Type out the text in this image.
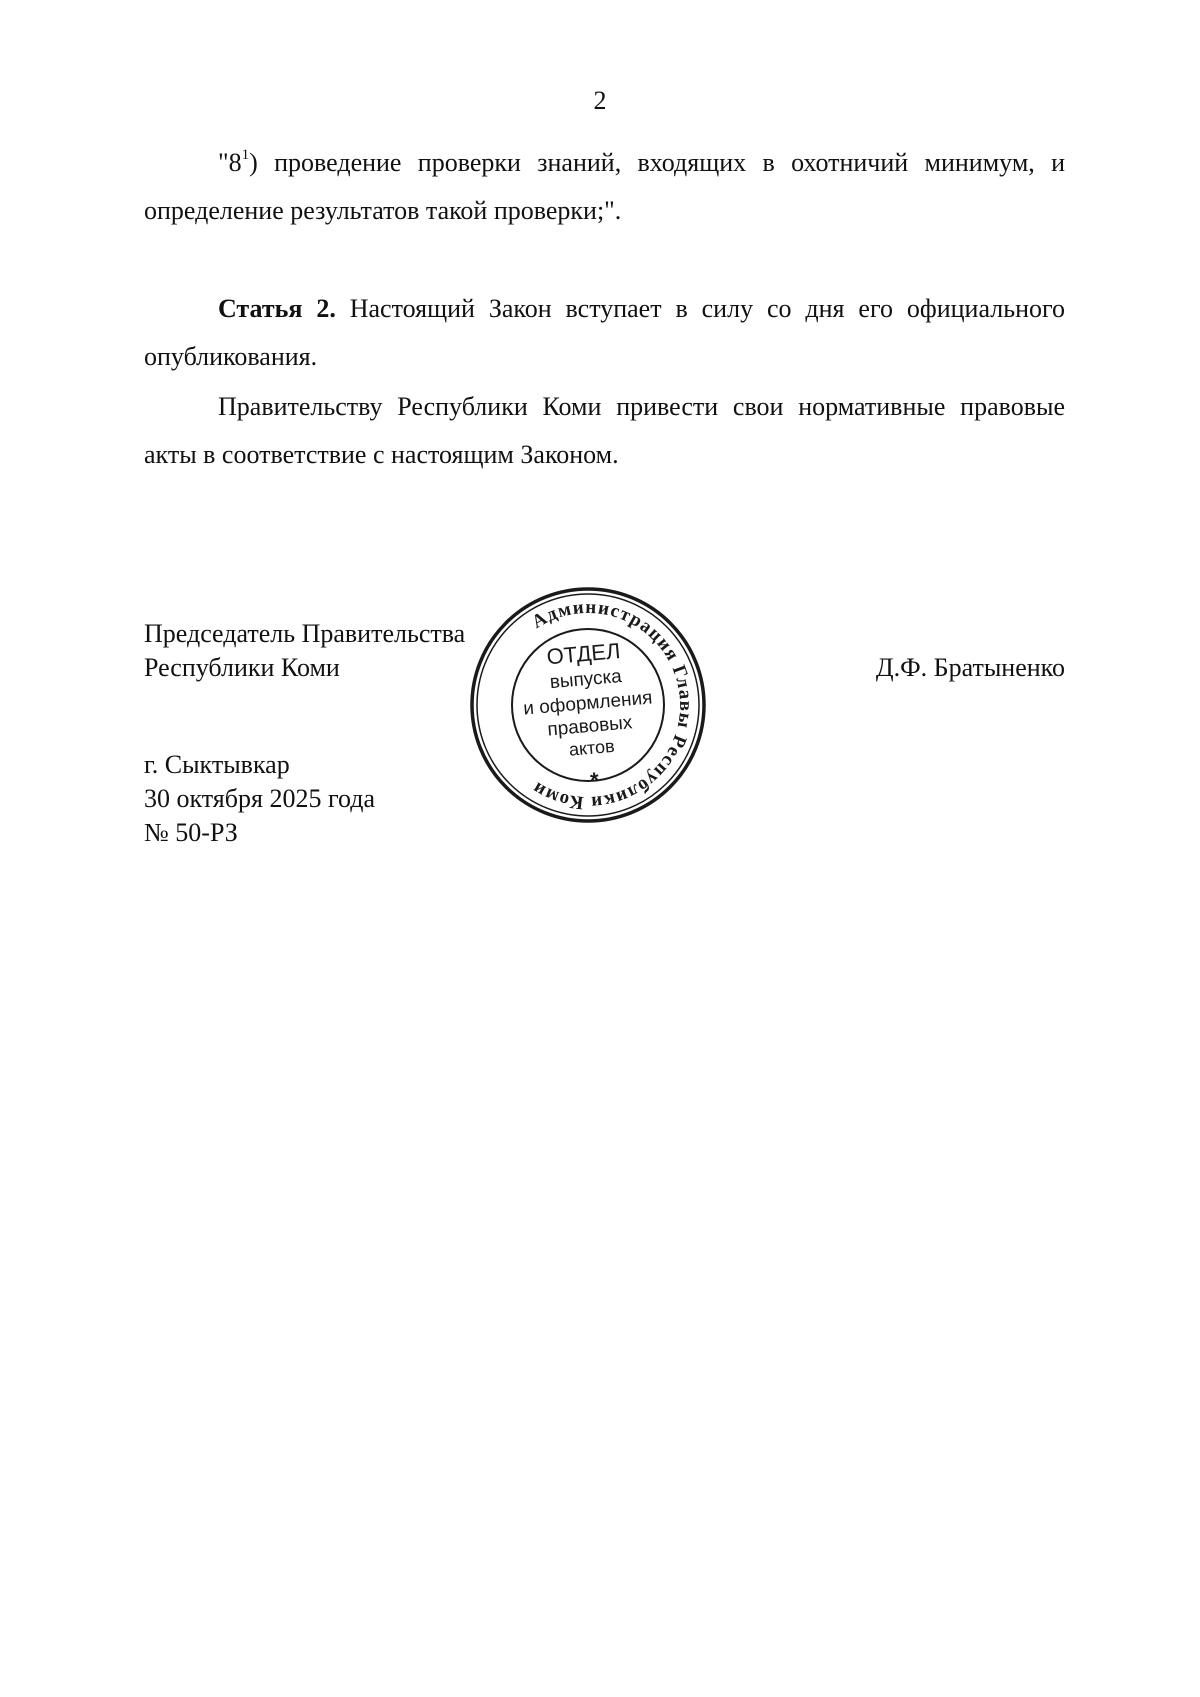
2

"$8^1$) проведение проверки знаний, входящих в охотничий минимум, и определение результатов такой проверки;".

Статья 2. Настоящий Закон вступает в силу со дня его официального опубликования.

Правительству Республики Коми привести свои нормативные правовые акты в соответствие с настоящим Законом.

Председатель Правительства
Республики Коми	Д.Ф. Братыненко
г. Сыктывкар
30 октября 2025 года
№ 50-РЗ
Администрация Главы Республики Коми
ОТДЕЛ
выпуска
и оформления
правовых
актов
*
